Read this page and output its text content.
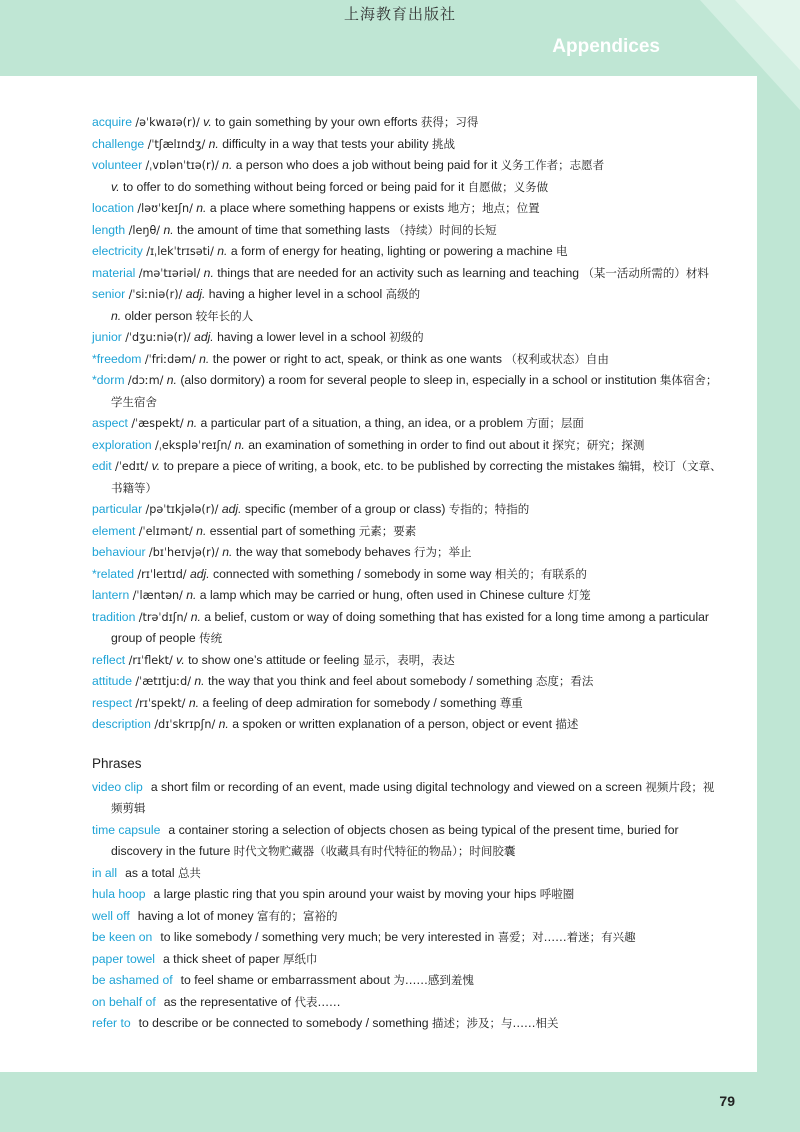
上海教育出版社
Appendices

acquire /əˈkwaɪə(r)/ v. to gain something by your own efforts 获得；习得

challenge /ˈtʃælɪndʒ/ n. difficulty in a way that tests your ability 挑战

volunteer /ˌvɒlənˈtɪə(r)/ n. a person who does a job without being paid for it 义务工作者；志愿者

v. to offer to do something without being forced or being paid for it 自愿做；义务做

location /ləʊˈkeɪʃn/ n. a place where something happens or exists 地方；地点；位置

length /leŋθ/ n. the amount of time that something lasts （持续）时间的长短

electricity /ɪˌlekˈtrɪsəti/ n. a form of energy for heating, lighting or powering a machine 电

material /məˈtɪəriəl/ n. things that are needed for an activity such as learning and teaching （某一活动所需的）材料

senior /ˈsiːniə(r)/ adj. having a higher level in a school 高级的

n. older person 较年长的人

junior /ˈdʒuːniə(r)/ adj. having a lower level in a school 初级的

*freedom /ˈfriːdəm/ n. the power or right to act, speak, or think as one wants （权利或状态）自由

*dorm /dɔːm/ n. (also dormitory) a room for several people to sleep in, especially in a school or institution 集体宿舍；学生宿舍

aspect /ˈæspekt/ n. a particular part of a situation, a thing, an idea, or a problem 方面；层面

exploration /ˌekspləˈreɪʃn/ n. an examination of something in order to find out about it 探究；研究；探测

edit /ˈedɪt/ v. to prepare a piece of writing, a book, etc. to be published by correcting the mistakes 编辑，校订（文章、书籍等）

particular /pəˈtɪkjələ(r)/ adj. specific (member of a group or class) 专指的；特指的

element /ˈelɪmənt/ n. essential part of something 元素；要素

behaviour /bɪˈheɪvjə(r)/ n. the way that somebody behaves 行为；举止

*related /rɪˈleɪtɪd/ adj. connected with something / somebody in some way 相关的；有联系的

lantern /ˈlæntən/ n. a lamp which may be carried or hung, often used in Chinese culture 灯笼

tradition /trəˈdɪʃn/ n. a belief, custom or way of doing something that has existed for a long time among a particular group of people 传统

reflect /rɪˈflekt/ v. to show one’s attitude or feeling 显示，表明，表达

attitude /ˈætɪtjuːd/ n. the way that you think and feel about somebody / something 态度；看法

respect /rɪˈspekt/ n. a feeling of deep admiration for somebody / something 尊重

description /dɪˈskrɪpʃn/ n. a spoken or written explanation of a person, object or event 描述

Phrases

video clip a short film or recording of an event, made using digital technology and viewed on a screen 视频片段；视频剪辑

time capsule a container storing a selection of objects chosen as being typical of the present time, buried for discovery in the future 时代文物贮藏器（收藏具有时代特征的物品）；时间胶囊

in all as a total 总共

hula hoop a large plastic ring that you spin around your waist by moving your hips 呼啦圈

well off having a lot of money 富有的；富裕的

be keen on to like somebody / something very much; be very interested in 喜爱；对……着迷；有兴趣

paper towel a thick sheet of paper 厚纸巾

be ashamed of to feel shame or embarrassment about 为……感到羞愧

on behalf of as the representative of 代表……

refer to to describe or be connected to somebody / something 描述；涉及；与……相关

79
